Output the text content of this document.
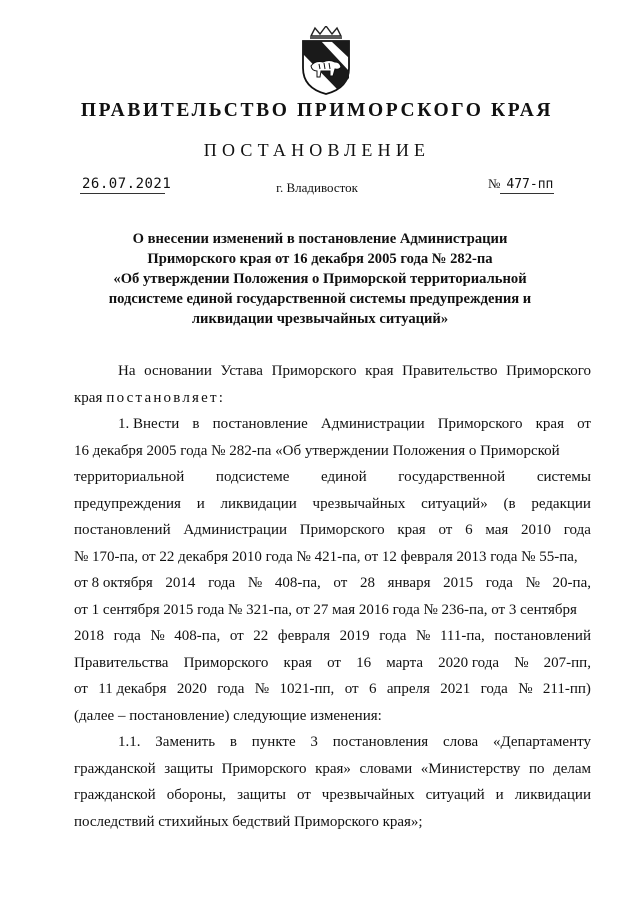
ПРАВИТЕЛЬСТВО ПРИМОРСКОГО КРАЯ
ПОСТАНОВЛЕНИЕ
26.07.2021	г. Владивосток	№ 477-пп
О внесении изменений в постановление Администрации
Приморского края от 16 декабря 2005 года № 282-па
«Об утверждении Положения о Приморской территориальной
подсистеме единой государственной системы предупреждения и
ликвидации чрезвычайных ситуаций»
На основании Устава Приморского края Правительство Приморского
края постановляет:
1. Внести в постановление Администрации Приморского края от
16 декабря 2005 года № 282-па «Об утверждении Положения о Приморской
территориальной подсистеме единой государственной системы
предупреждения и ликвидации чрезвычайных ситуаций» (в редакции
постановлений Администрации Приморского края от 6 мая 2010 года
№ 170-па, от 22 декабря 2010 года № 421-па, от 12 февраля 2013 года № 55-па,
от 8 октября 2014 года № 408-па, от 28 января 2015 года № 20-па,
от 1 сентября 2015 года № 321-па, от 27 мая 2016 года № 236-па, от 3 сентября
2018 года № 408-па, от 22 февраля 2019 года № 111-па, постановлений
Правительства Приморского края от 16 марта 2020 года № 207-пп,
от 11 декабря 2020 года № 1021-пп, от 6 апреля 2021 года № 211-пп)
(далее – постановление) следующие изменения:
1.1. Заменить в пункте 3 постановления слова «Департаменту
гражданской защиты Приморского края» словами «Министерству по делам
гражданской обороны, защиты от чрезвычайных ситуаций и ликвидации
последствий стихийных бедствий Приморского края»;
